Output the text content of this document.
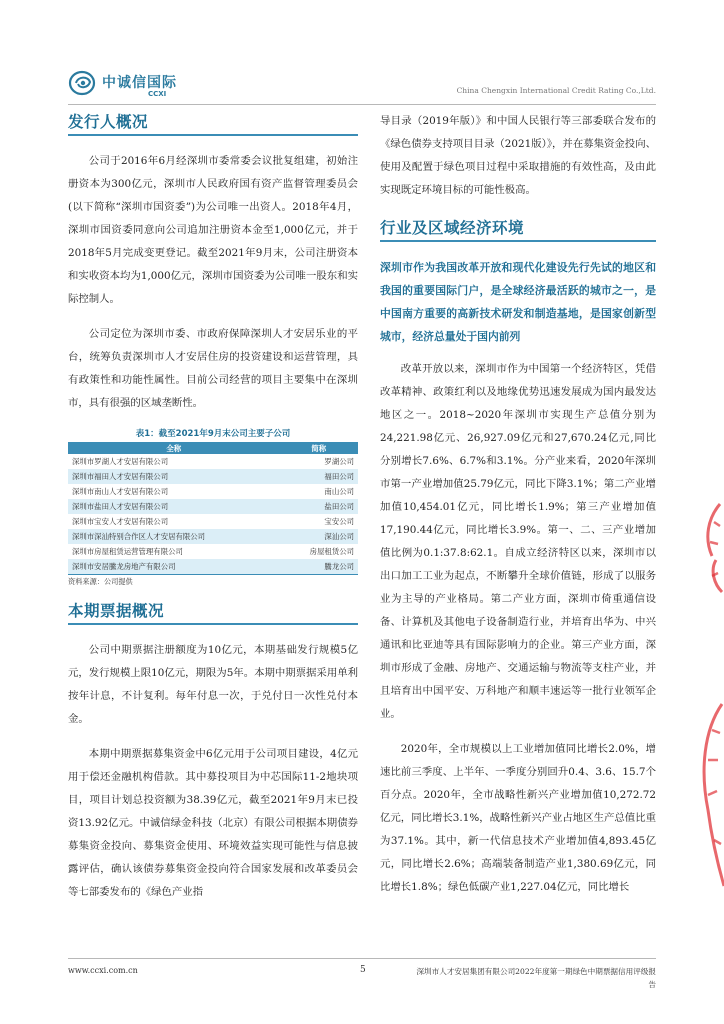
中诚信国际
CCXI	China Chengxin International Credit Rating Co.,Ltd.
发行人概况

公司于2016年6月经深圳市委常委会议批复组建，初始注册资本为300亿元，深圳市人民政府国有资产监督管理委员会(以下简称“深圳市国资委”)为公司唯一出资人。2018年4月，深圳市国资委同意向公司追加注册资本金至1,000亿元，并于2018年5月完成变更登记。截至2021年9月末，公司注册资本和实收资本均为1,000亿元，深圳市国资委为公司唯一股东和实际控制人。

公司定位为深圳市委、市政府保障深圳人才安居乐业的平台，统筹负责深圳市人才安居住房的投资建设和运营管理，具有政策性和功能性属性。目前公司经营的项目主要集中在深圳市，具有很强的区域垄断性。

表1：截至2021年9月末公司主要子公司
全称	简称
深圳市罗湖人才安居有限公司	罗湖公司
深圳市福田人才安居有限公司	福田公司
深圳市南山人才安居有限公司	南山公司
深圳市盐田人才安居有限公司	盐田公司
深圳市宝安人才安居有限公司	宝安公司
深圳市深汕特别合作区人才安居有限公司	深汕公司
深圳市房屋租赁运营管理有限公司	房屋租赁公司
深圳市安居騰龙房地产有限公司	騰龙公司
资料来源：公司提供
本期票据概况

公司中期票据注册额度为10亿元，本期基础发行规模5亿元，发行规模上限10亿元，期限为5年。本期中期票据采用单利按年计息，不计复利。每年付息一次，于兑付日一次性兑付本金。

本期中期票据募集资金中6亿元用于公司项目建设，4亿元用于偿还金融机构借款。其中募投项目为中芯国际11-2地块项目，项目计划总投资额为38.39亿元，截至2021年9月末已投资13.92亿元。中诚信绿金科技（北京）有限公司根据本期债券募集资金投向、募集资金使用、环境效益实现可能性与信息披露评估，确认该债券募集资金投向符合国家发展和改革委员会等七部委发布的《绿色产业指

导目录（2019年版）》和中国人民银行等三部委联合发布的《绿色债券支持项目目录（2021版）》，并在募集资金投向、使用及配置于绿色项目过程中采取措施的有效性高，及由此实现既定环境目标的可能性极高。

行业及区域经济环境
深圳市作为我国改革开放和现代化建设先行先试的地区和我国的重要国际门户，是全球经济最活跃的城市之一，是中国南方重要的高新技术研发和制造基地，是国家创新型城市，经济总量处于国内前列

改革开放以来，深圳市作为中国第一个经济特区，凭借改革精神、政策红利以及地缘优势迅速发展成为国内最发达地区之一。2018~2020年深圳市实现生产总值分别为24,221.98亿元、26,927.09亿元和27,670.24亿元,同比分别增长7.6%、6.7%和3.1%。分产业来看，2020年深圳市第一产业增加值25.79亿元，同比下降3.1%；第二产业增加值10,454.01亿元，同比增长1.9%；第三产业增加值17,190.44亿元，同比增长3.9%。第一、二、三产业增加值比例为0.1:37.8:62.1。自成立经济特区以来，深圳市以出口加工工业为起点，不断攀升全球价值链，形成了以服务业为主导的产业格局。第二产业方面，深圳市倚重通信设备、计算机及其他电子设备制造行业，并培育出华为、中兴通讯和比亚迪等具有国际影响力的企业。第三产业方面，深圳市形成了金融、房地产、交通运输与物流等支柱产业，并且培育出中国平安、万科地产和顺丰速运等一批行业领军企业。

2020年，全市规模以上工业增加值同比增长2.0%，增速比前三季度、上半年、一季度分别回升0.4、3.6、15.7个百分点。2020年，全市战略性新兴产业增加值10,272.72亿元，同比增长3.1%，战略性新兴产业占地区生产总值比重为37.1%。其中，新一代信息技术产业增加值4,893.45亿元，同比增长2.6%；高端装备制造产业1,380.69亿元，同比增长1.8%；绿色低碳产业1,227.04亿元，同比增长

www.ccxi.com.cn	5	深圳市人才安居集团有限公司2022年度第一期绿色中期票据信用评级报告
